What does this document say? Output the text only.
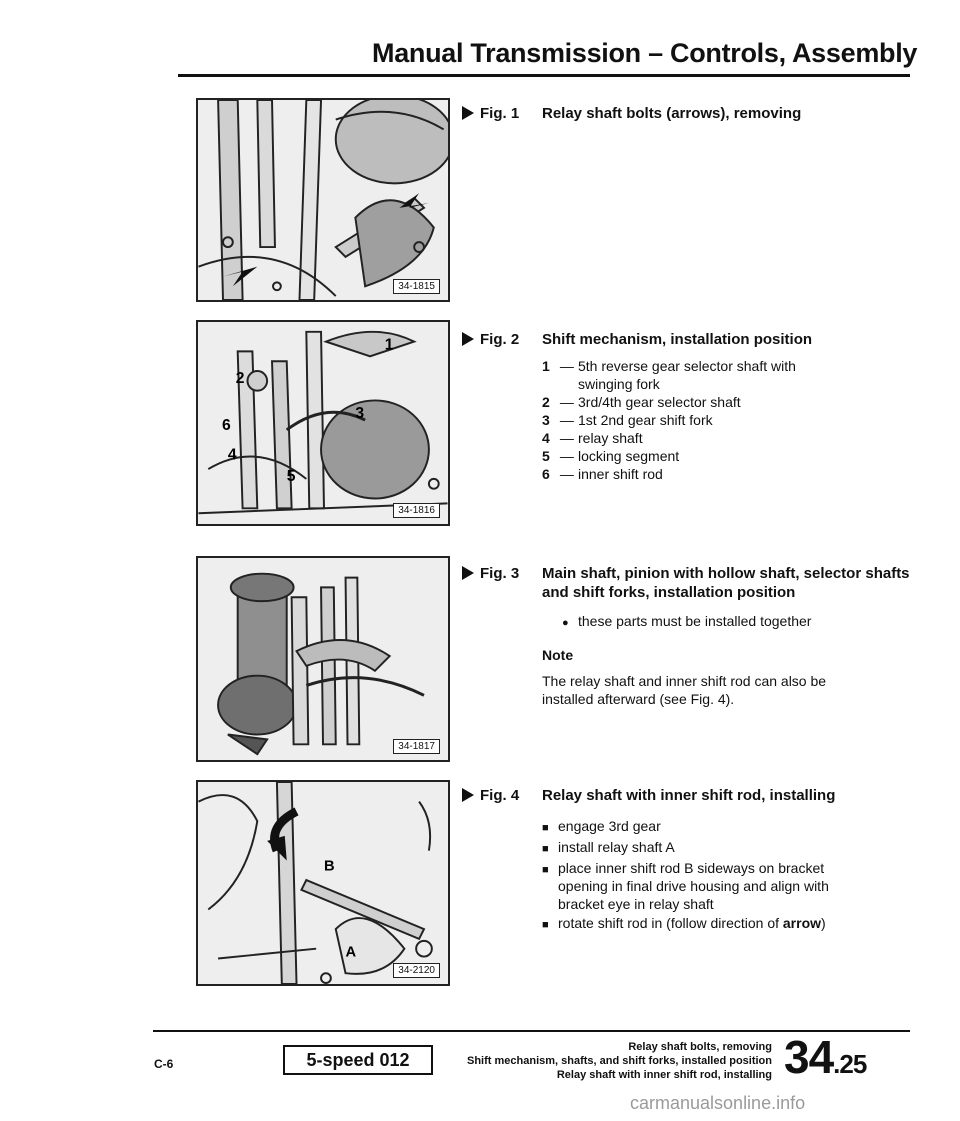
Manual Transmission – Controls, Assembly
34-1815
Fig. 1	Relay shaft bolts (arrows), removing
1
2
3
4
5
6
34-1816
Fig. 2	Shift mechanism, installation position
1 — 5th reverse gear selector shaft with
swinging fork
2 — 3rd/4th gear selector shaft
3 — 1st 2nd gear shift fork
4 — relay shaft
5 — locking segment
6 — inner shift rod
34-1817
Fig. 3	Main shaft, pinion with hollow shaft, selector shafts and shift forks, installation position
● these parts must be installed together
Note
The relay shaft and inner shift rod can also be installed afterward (see Fig. 4).
B
A
34-2120
Fig. 4	Relay shaft with inner shift rod, installing
■ engage 3rd gear
■ install relay shaft A
■ place inner shift rod B sideways on bracket opening in final drive housing and align with bracket eye in relay shaft
■ rotate shift rod in (follow direction of arrow)
C-6	5-speed 012
Relay shaft bolts, removing
Shift mechanism, shafts, and shift forks, installed position
Relay shaft with inner shift rod, installing 34.25
carmanualsonline.info
